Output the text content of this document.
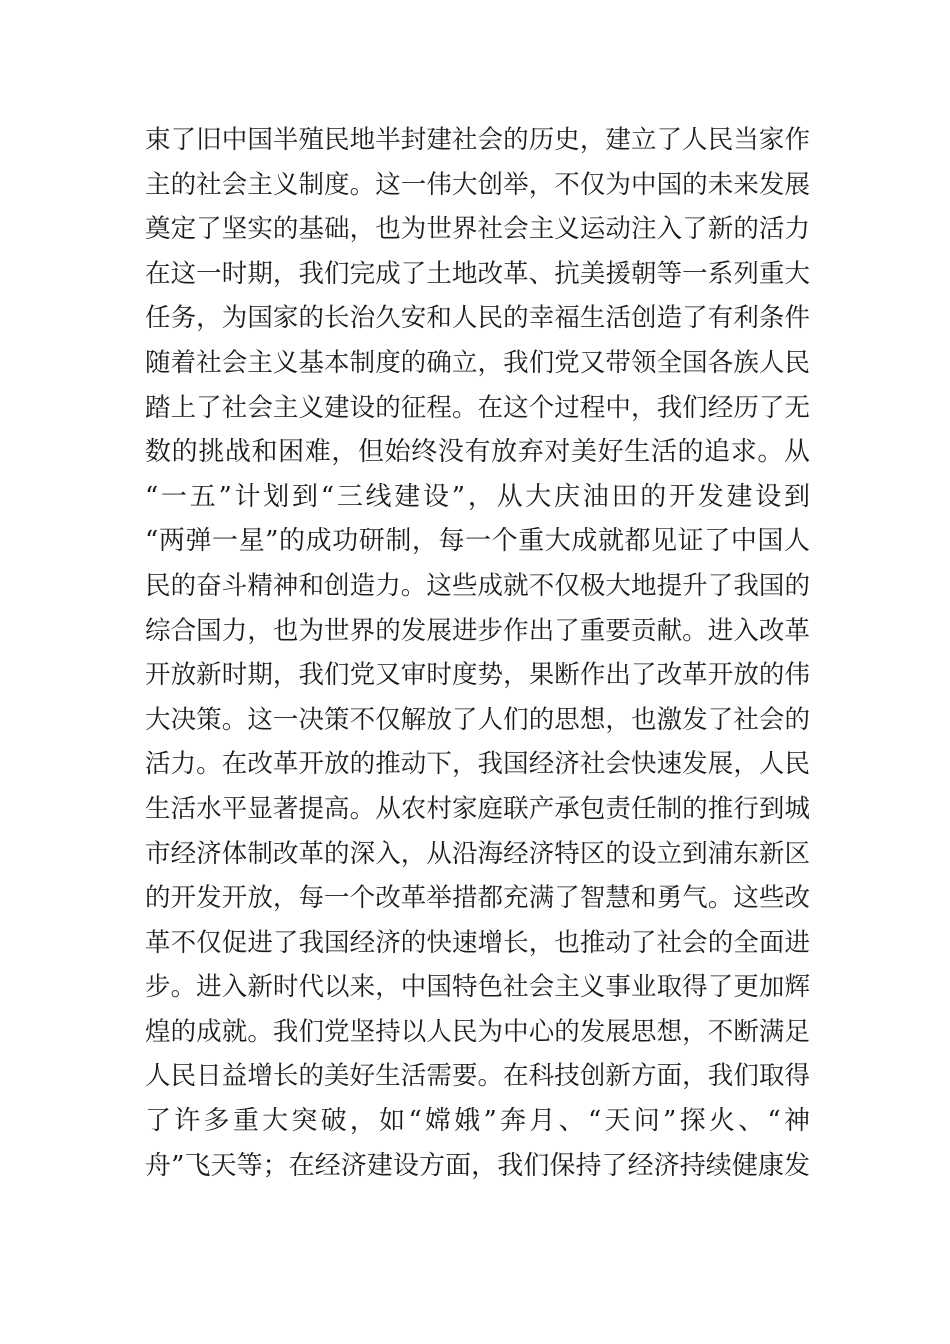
束了旧中国半殖民地半封建社会的历史，建立了人民当家作
主的社会主义制度。这一伟大创举，不仅为中国的未来发展
奠定了坚实的基础，也为世界社会主义运动注入了新的活力
在这一时期，我们完成了土地改革、抗美援朝等一系列重大
任务，为国家的长治久安和人民的幸福生活创造了有利条件
随着社会主义基本制度的确立，我们党又带领全国各族人民
踏上了社会主义建设的征程。在这个过程中，我们经历了无
数的挑战和困难，但始终没有放弃对美好生活的追求。从
“一五”计划到“三线建设”，从大庆油田的开发建设到
“两弹一星”的成功研制，每一个重大成就都见证了中国人
民的奋斗精神和创造力。这些成就不仅极大地提升了我国的
综合国力，也为世界的发展进步作出了重要贡献。进入改革
开放新时期，我们党又审时度势，果断作出了改革开放的伟
大决策。这一决策不仅解放了人们的思想，也激发了社会的
活力。在改革开放的推动下，我国经济社会快速发展，人民
生活水平显著提高。从农村家庭联产承包责任制的推行到城
市经济体制改革的深入，从沿海经济特区的设立到浦东新区
的开发开放，每一个改革举措都充满了智慧和勇气。这些改
革不仅促进了我国经济的快速增长，也推动了社会的全面进
步。进入新时代以来，中国特色社会主义事业取得了更加辉
煌的成就。我们党坚持以人民为中心的发展思想，不断满足
人民日益增长的美好生活需要。在科技创新方面，我们取得
了许多重大突破，如“嫦娥”奔月、“天问”探火、“神
舟”飞天等；在经济建设方面，我们保持了经济持续健康发
